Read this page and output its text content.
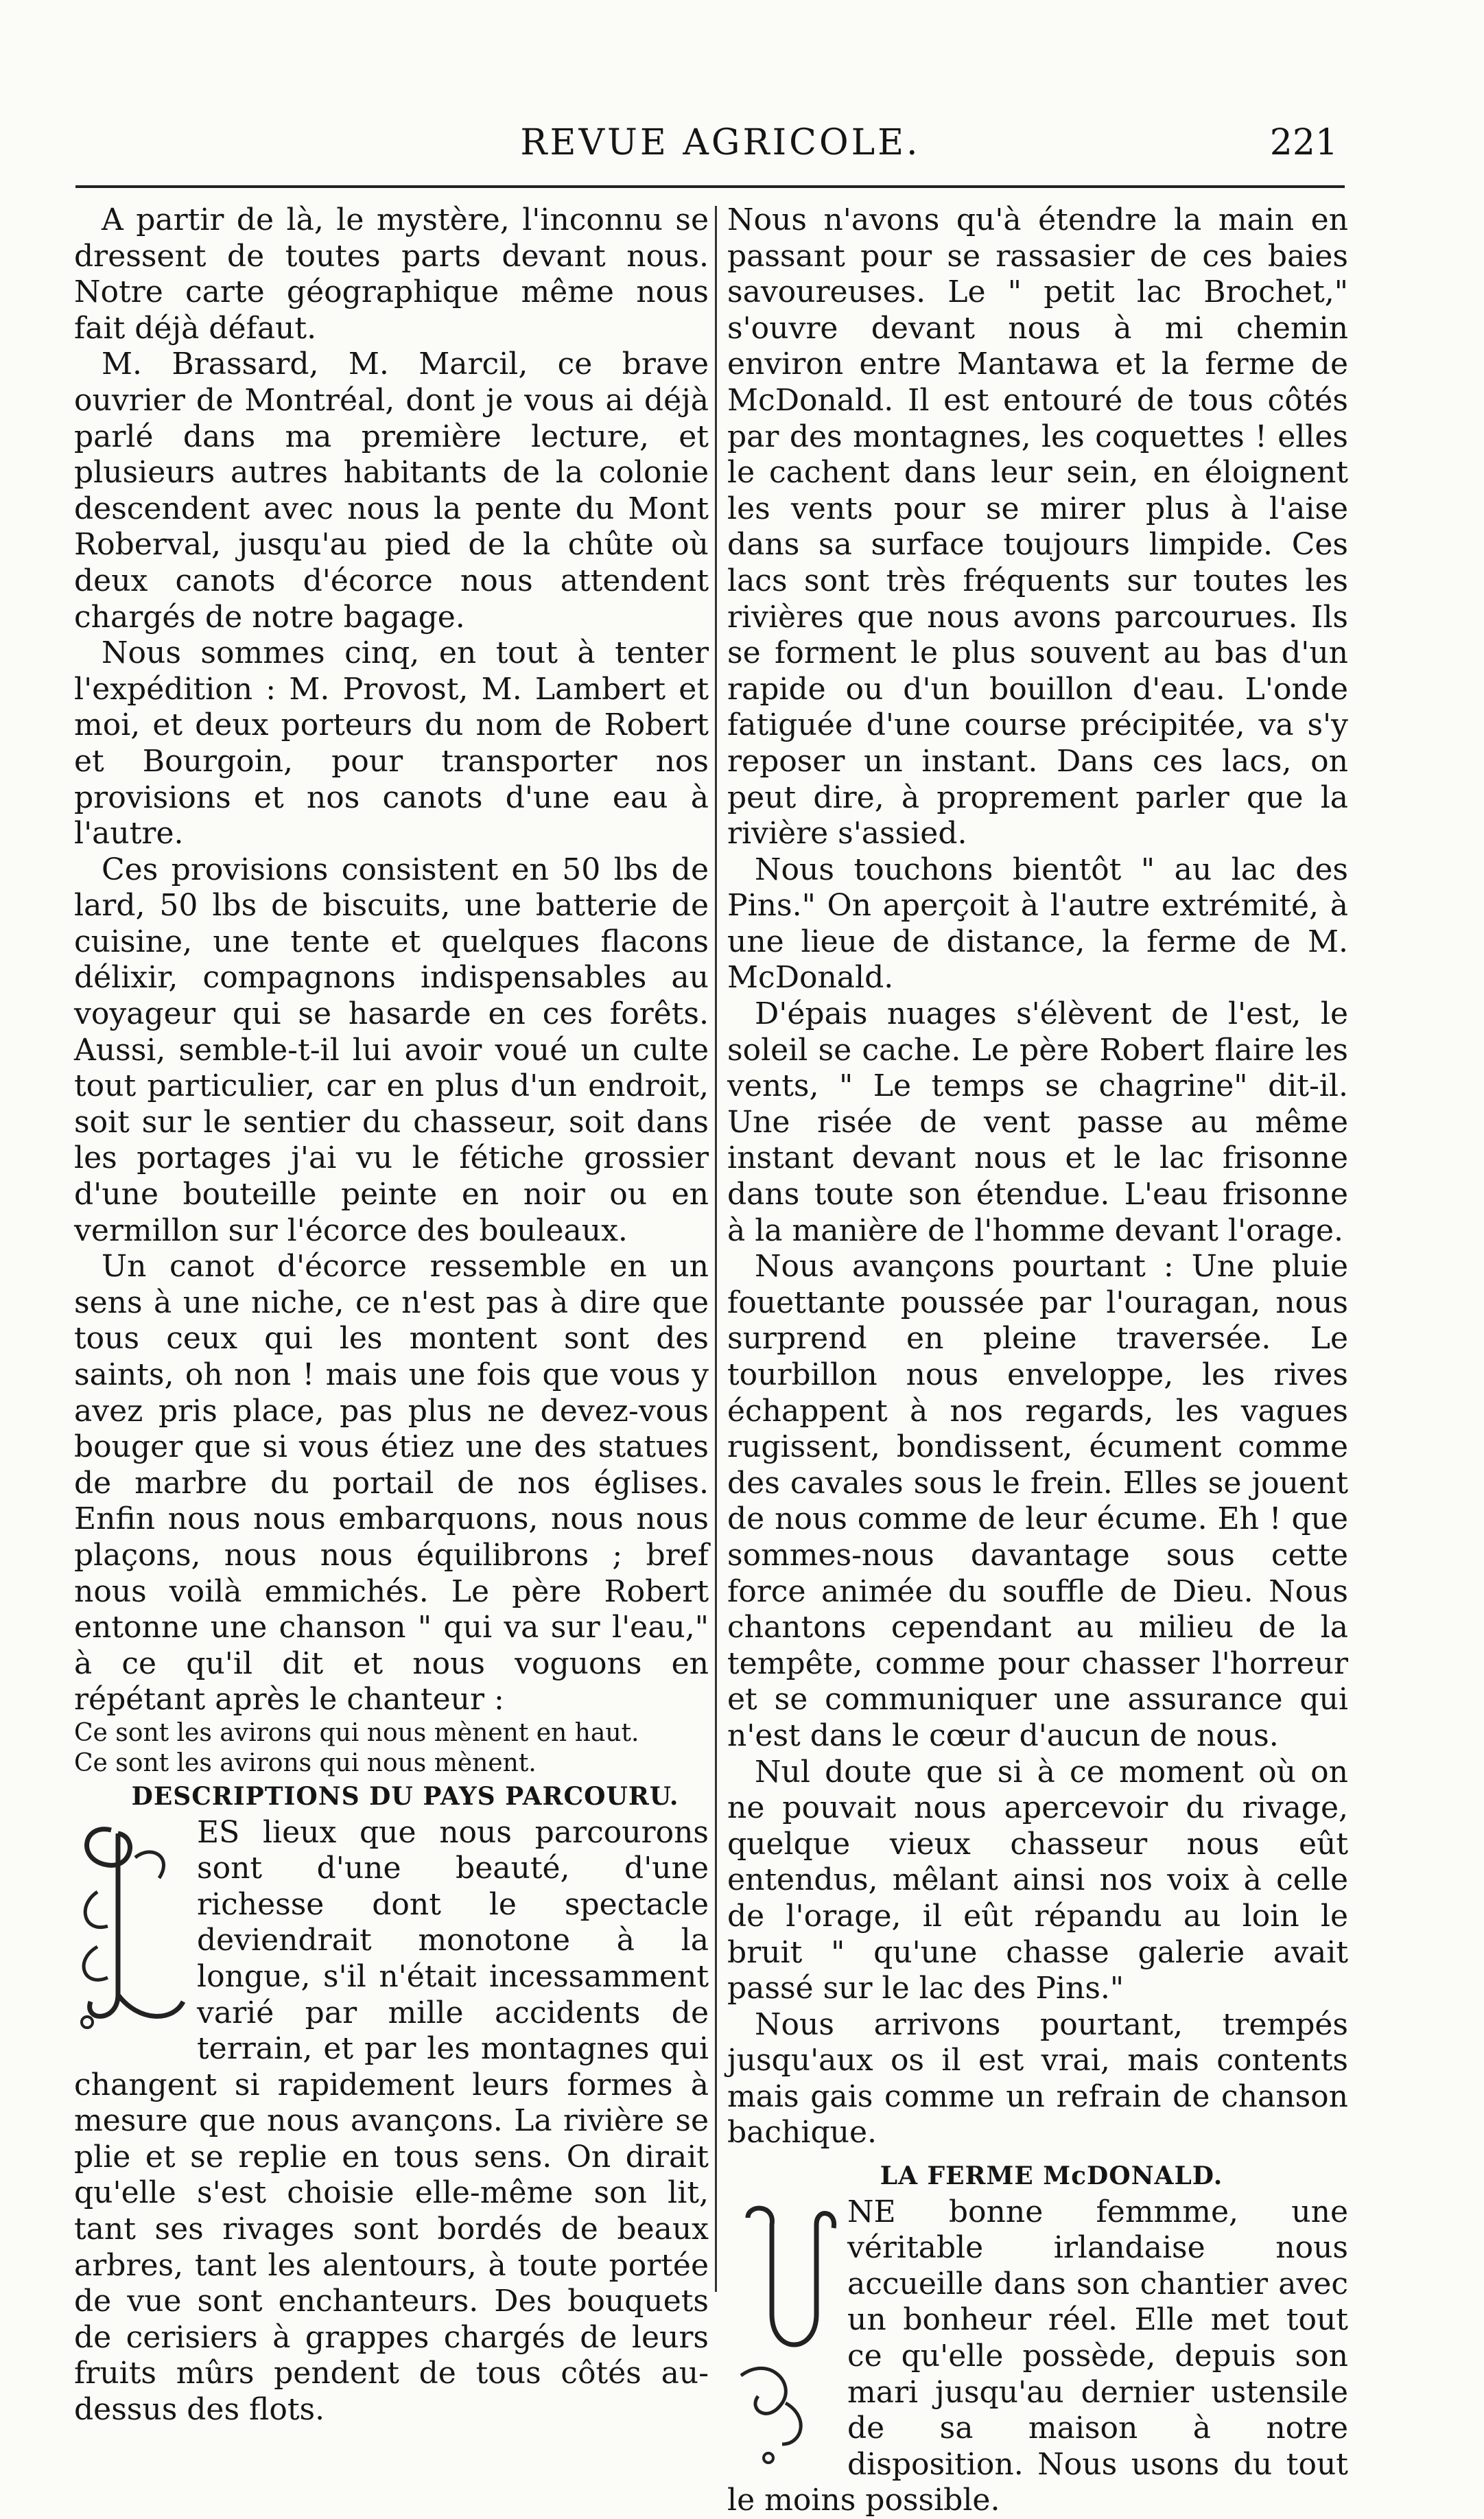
REVUE AGRICOLE.	221

A partir de là, le mystère, l'inconnu se dressent de toutes parts devant nous. Notre carte géographique même nous fait déjà défaut.

M. Brassard, M. Marcil, ce brave ouvrier de Montréal, dont je vous ai déjà parlé dans ma première lecture, et plusieurs autres habitants de la colonie descendent avec nous la pente du Mont Roberval, jusqu'au pied de la chûte où deux canots d'écorce nous attendent chargés de notre bagage.

Nous sommes cinq, en tout à tenter l'expédition : M. Provost, M. Lambert et moi, et deux porteurs du nom de Robert et Bourgoin, pour transporter nos provisions et nos canots d'une eau à l'autre.

Ces provisions consistent en 50 lbs de lard, 50 lbs de biscuits, une batterie de cuisine, une tente et quelques flacons délixir, compagnons indispensables au voyageur qui se hasarde en ces forêts. Aussi, semble-t-il lui avoir voué un culte tout particulier, car en plus d'un endroit, soit sur le sentier du chasseur, soit dans les portages j'ai vu le fétiche grossier d'une bouteille peinte en noir ou en vermillon sur l'écorce des bouleaux.

Un canot d'écorce ressemble en un sens à une niche, ce n'est pas à dire que tous ceux qui les montent sont des saints, oh non ! mais une fois que vous y avez pris place, pas plus ne devez-vous bouger que si vous étiez une des statues de marbre du portail de nos églises. Enfin nous nous embarquons, nous nous plaçons, nous nous équilibrons ; bref nous voilà emmichés. Le père Robert entonne une chanson " qui va sur l'eau," à ce qu'il dit et nous voguons en répétant après le chanteur :

Ce sont les avirons qui nous mènent en haut.

Ce sont les avirons qui nous mènent.

DESCRIPTIONS DU PAYS PARCOURU.

ES lieux que nous parcourons sont d'une beauté, d'une richesse dont le spectacle deviendrait monotone à la longue, s'il n'était incessamment varié par mille accidents de terrain, et par les montagnes qui changent si rapidement leurs formes à mesure que nous avançons. La rivière se plie et se replie en tous sens. On dirait qu'elle s'est choisie elle-même son lit, tant ses rivages sont bordés de beaux arbres, tant les alentours, à toute portée de vue sont enchanteurs. Des bouquets de cerisiers à grappes chargés de leurs fruits mûrs pendent de tous côtés au-dessus des flots.

Nous n'avons qu'à étendre la main en passant pour se rassasier de ces baies savoureuses. Le " petit lac Brochet," s'ouvre devant nous à mi chemin environ entre Mantawa et la ferme de McDonald. Il est entouré de tous côtés par des montagnes, les coquettes ! elles le cachent dans leur sein, en éloignent les vents pour se mirer plus à l'aise dans sa surface toujours limpide. Ces lacs sont très fréquents sur toutes les rivières que nous avons parcourues. Ils se forment le plus souvent au bas d'un rapide ou d'un bouillon d'eau. L'onde fatiguée d'une course précipitée, va s'y reposer un instant. Dans ces lacs, on peut dire, à proprement parler que la rivière s'assied.

Nous touchons bientôt " au lac des Pins." On aperçoit à l'autre extrémité, à une lieue de distance, la ferme de M. McDonald.

D'épais nuages s'élèvent de l'est, le soleil se cache. Le père Robert flaire les vents, " Le temps se chagrine" dit-il. Une risée de vent passe au même instant devant nous et le lac frisonne dans toute son étendue. L'eau frisonne à la manière de l'homme devant l'orage.

Nous avançons pourtant : Une pluie fouettante poussée par l'ouragan, nous surprend en pleine traversée. Le tourbillon nous enveloppe, les rives échappent à nos regards, les vagues rugissent, bondissent, écument comme des cavales sous le frein. Elles se jouent de nous comme de leur écume. Eh ! que sommes-nous davantage sous cette force animée du souffle de Dieu. Nous chantons cependant au milieu de la tempête, comme pour chasser l'horreur et se communiquer une assurance qui n'est dans le cœur d'aucun de nous.

Nul doute que si à ce moment où on ne pouvait nous apercevoir du rivage, quelque vieux chasseur nous eût entendus, mêlant ainsi nos voix à celle de l'orage, il eût répandu au loin le bruit " qu'une chasse galerie avait passé sur le lac des Pins."

Nous arrivons pourtant, trempés jusqu'aux os il est vrai, mais contents mais gais comme un refrain de chanson bachique.

LA FERME McDONALD.

NE bonne femmme, une véritable irlandaise nous accueille dans son chantier avec un bonheur réel. Elle met tout ce qu'elle possède, depuis son mari jusqu'au dernier ustensile de sa maison à notre disposition. Nous usons du tout le moins possible.
